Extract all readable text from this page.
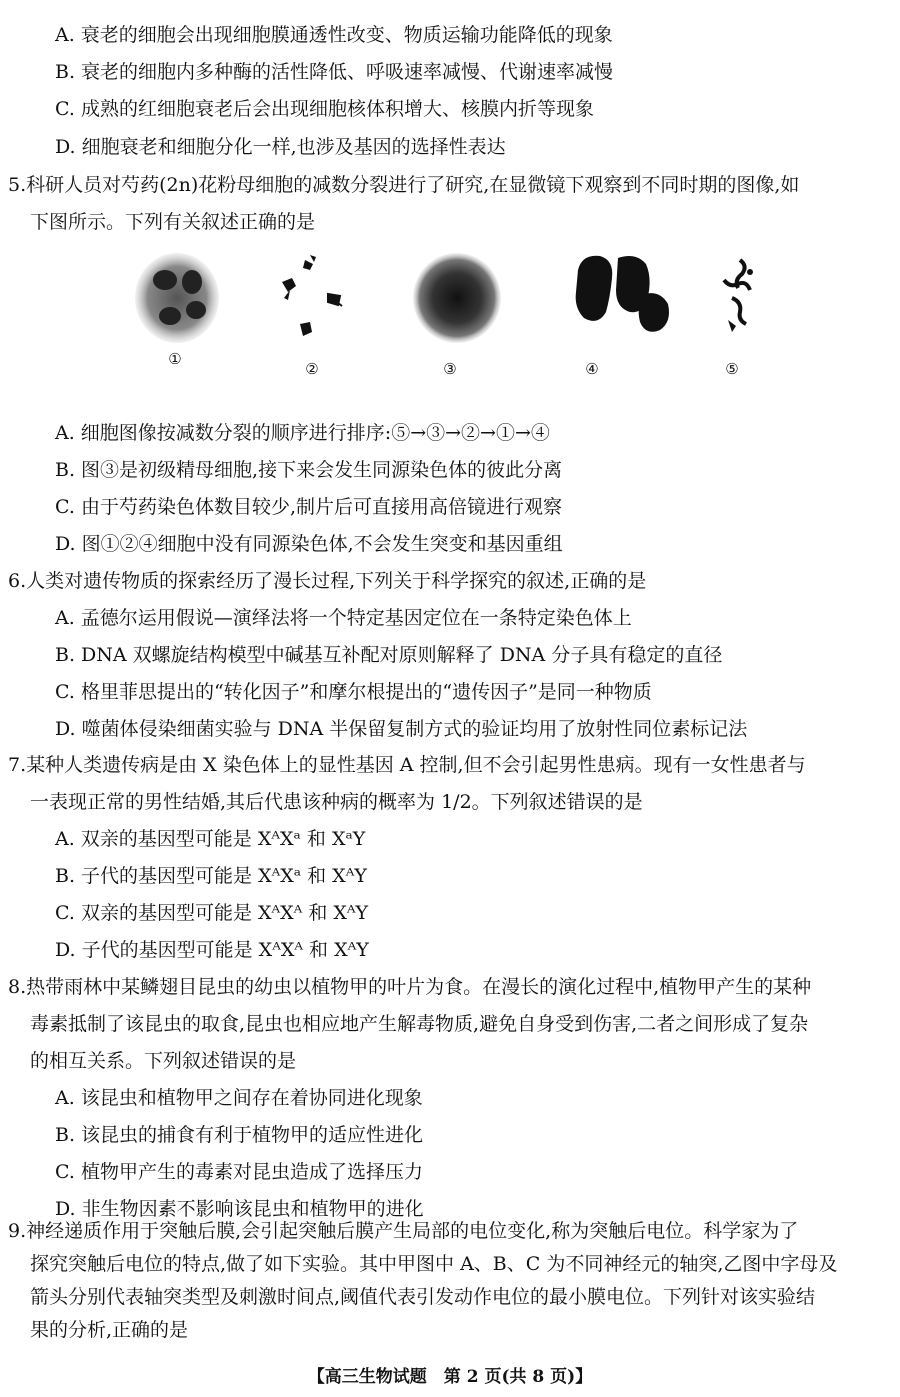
A. 衰老的细胞会出现细胞膜通透性改变、物质运输功能降低的现象
B. 衰老的细胞内多种酶的活性降低、呼吸速率减慢、代谢速率减慢
C. 成熟的红细胞衰老后会出现细胞核体积增大、核膜内折等现象
D. 细胞衰老和细胞分化一样,也涉及基因的选择性表达
5.科研人员对芍药(2n)花粉母细胞的减数分裂进行了研究,在显微镜下观察到不同时期的图像,如
下图所示。下列有关叙述正确的是
①
②	③	④	⑤
A. 细胞图像按减数分裂的顺序进行排序:⑤→③→②→①→④
B. 图③是初级精母细胞,接下来会发生同源染色体的彼此分离
C. 由于芍药染色体数目较少,制片后可直接用高倍镜进行观察
D. 图①②④细胞中没有同源染色体,不会发生突变和基因重组
6.人类对遗传物质的探索经历了漫长过程,下列关于科学探究的叙述,正确的是
A. 孟德尔运用假说—演绎法将一个特定基因定位在一条特定染色体上
B. DNA 双螺旋结构模型中碱基互补配对原则解释了 DNA 分子具有稳定的直径
C. 格里菲思提出的“转化因子”和摩尔根提出的“遗传因子”是同一种物质
D. 噬菌体侵染细菌实验与 DNA 半保留复制方式的验证均用了放射性同位素标记法
7.某种人类遗传病是由 X 染色体上的显性基因 A 控制,但不会引起男性患病。现有一女性患者与
一表现正常的男性结婚,其后代患该种病的概率为 1/2。下列叙述错误的是
A. 双亲的基因型可能是 XᴬXᵃ 和 XᵃY
B. 子代的基因型可能是 XᴬXᵃ 和 XᴬY
C. 双亲的基因型可能是 XᴬXᴬ 和 XᴬY
D. 子代的基因型可能是 XᴬXᴬ 和 XᴬY
8.热带雨林中某鳞翅目昆虫的幼虫以植物甲的叶片为食。在漫长的演化过程中,植物甲产生的某种
毒素抵制了该昆虫的取食,昆虫也相应地产生解毒物质,避免自身受到伤害,二者之间形成了复杂
的相互关系。下列叙述错误的是
A. 该昆虫和植物甲之间存在着协同进化现象
B. 该昆虫的捕食有利于植物甲的适应性进化
C. 植物甲产生的毒素对昆虫造成了选择压力
D. 非生物因素不影响该昆虫和植物甲的进化
9.神经递质作用于突触后膜,会引起突触后膜产生局部的电位变化,称为突触后电位。科学家为了
探究突触后电位的特点,做了如下实验。其中甲图中 A、B、C 为不同神经元的轴突,乙图中字母及
箭头分别代表轴突类型及刺激时间点,阈值代表引发动作电位的最小膜电位。下列针对该实验结
【高三生物试题　第 2 页(共 8 页)】
果的分析,正确的是
